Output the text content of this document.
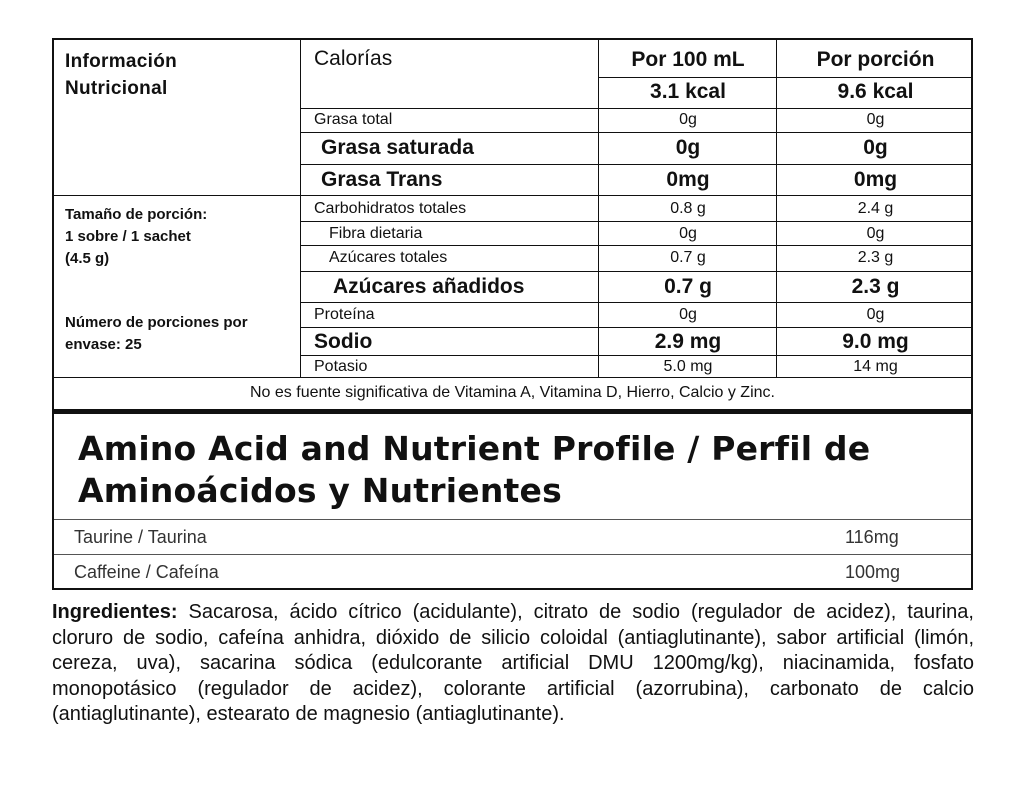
Información
Nutricional
Tamaño de porción:
1 sobre / 1 sachet
(4.5 g)
Número de porciones por
envase: 25
Calorías	Por 100 mL	Por porción
3.1 kcal	9.6 kcal
Grasa total	0g	0g
Grasa saturada	0g	0g
Grasa Trans	0mg	0mg
Carbohidratos totales	0.8 g	2.4 g
Fibra dietaria	0g	0g
Azúcares totales	0.7 g	2.3 g
Azúcares añadidos	0.7 g	2.3 g
Proteína	0g	0g
Sodio	2.9 mg	9.0 mg
Potasio	5.0 mg	14 mg
No es fuente significativa de Vitamina A, Vitamina D, Hierro, Calcio y Zinc.
Amino Acid and Nutrient Profile / Perfil de
Aminoácidos y Nutrientes
Taurine / Taurina	116mg
Caffeine / Cafeína	100mg
Ingredientes: Sacarosa, ácido cítrico (acidulante), citrato de sodio (regulador de acidez), taurina, cloruro de sodio, cafeína anhidra, dióxido de silicio coloidal (antiaglutinante), sabor artificial (limón, cereza, uva), sacarina sódica (edulcorante artificial DMU 1200mg/kg), niacinamida, fosfato monopotásico (regulador de acidez), colorante artificial (azorrubina), carbonato de calcio (antiaglutinante), estearato de magnesio (antiaglutinante).
